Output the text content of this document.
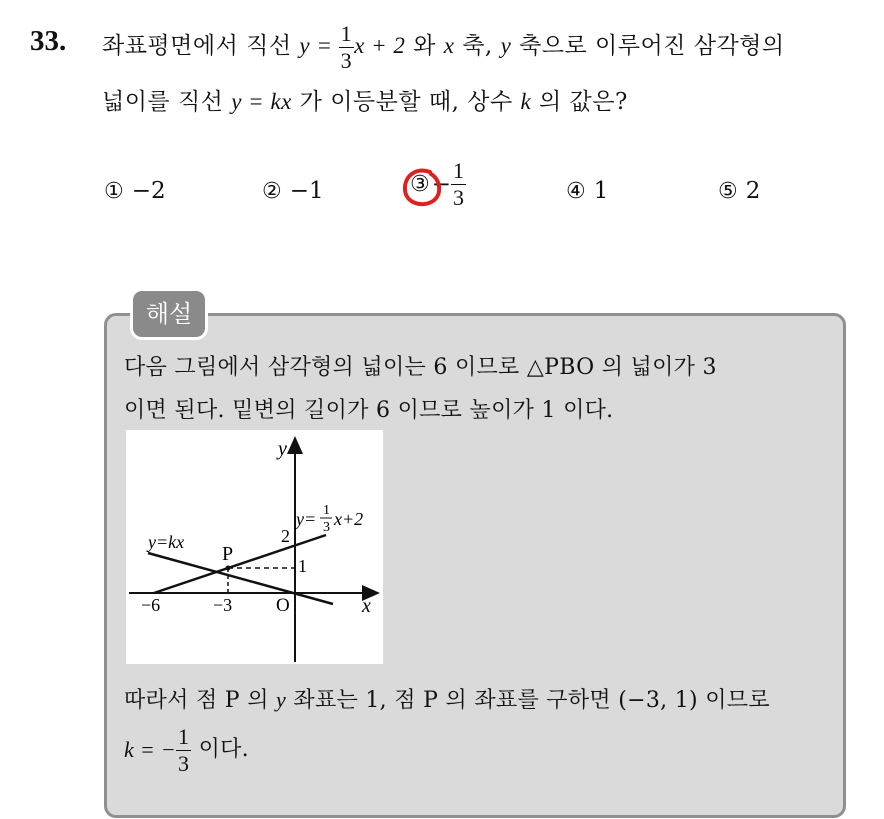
33. 좌표평면에서 직선 $y = \frac{1}{3}$ x + 2 와 x 축, y 축으로 이루어진 삼각형의
넓이를 직선 y = kx 가 이등분할 때, 상수 k 의 값은?
① −2	② −1	③− $\frac{1}{3}$	④ 1	⑤ 2
해설
다음 그림에서 삼각형의 넓이는 6 이므로 △PBO 의 넓이가 3
이면 된다. 밑변의 길이가 6 이므로 높이가 1 이다.
y
x
y=kx
P
O
−6	−3
2
1
y= 1
3 x+2
따라서 점 P 의 y 좌표는 1, 점 P 의 좌표를 구하면 (−3, 1) 이므로
k = − $\frac{1}{3}$ 이다.
